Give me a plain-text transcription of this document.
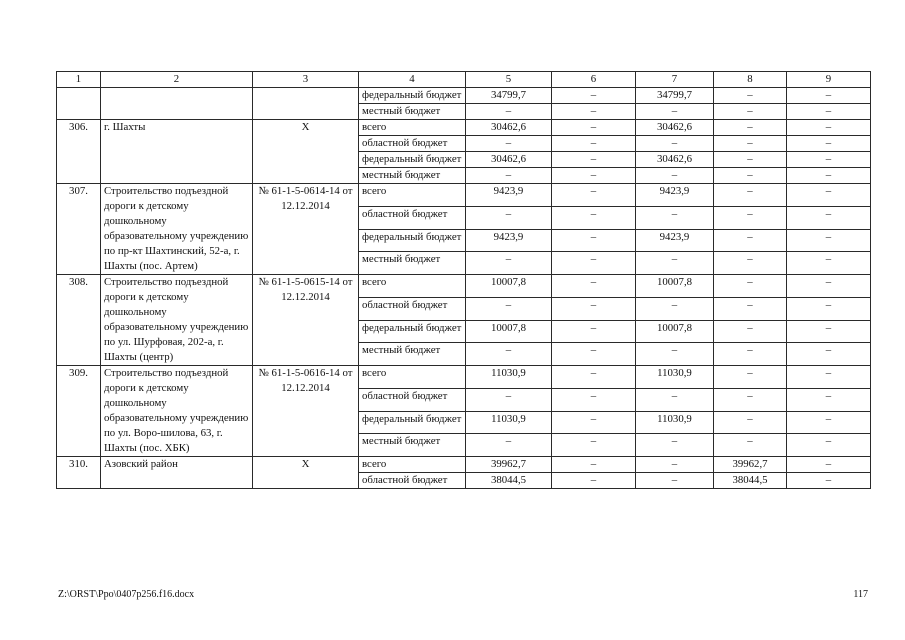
1	2	3	4	5	6	7	8	9
			федеральный бюджет	34799,7	–	34799,7	–	–
			местный бюджет	–	–	–	–	–
306.	г. Шахты	Х	всего	30462,6	–	30462,6	–	–
			областной бюджет	–	–	–	–	–
			федеральный бюджет	30462,6	–	30462,6	–	–
			местный бюджет	–	–	–	–	–
307.	Строительство подъездной дороги к детскому дошкольному образовательному учреждению по пр-кт Шахтинский, 52-а, г. Шахты (пос. Артем)	№ 61-1-5-0614-14 от 12.12.2014	всего	9423,9	–	9423,9	–	–
			областной бюджет	–	–	–	–	–
			федеральный бюджет	9423,9	–	9423,9	–	–
			местный бюджет	–	–	–	–	–
308.	Строительство подъездной дороги к детскому дошкольному образовательному учреждению по ул. Шурфовая, 202-а, г. Шахты (центр)	№ 61-1-5-0615-14 от 12.12.2014	всего	10007,8	–	10007,8	–	–
			областной бюджет	–	–	–	–	–
			федеральный бюджет	10007,8	–	10007,8	–	–
			местный бюджет	–	–	–	–	–
309.	Строительство подъездной дороги к детскому дошкольному образовательному учреждению по ул. Воро-шилова, 63, г. Шахты (пос. ХБК)	№ 61-1-5-0616-14 от 12.12.2014	всего	11030,9	–	11030,9	–	–
			областной бюджет	–	–	–	–	–
			федеральный бюджет	11030,9	–	11030,9	–	–
			местный бюджет	–	–	–	–	–
310.	Азовский район	Х	всего	39962,7	–	–	39962,7	–
			областной бюджет	38044,5	–	–	38044,5	–
Z:\ORST\Ppo\0407p256.f16.docx	117
